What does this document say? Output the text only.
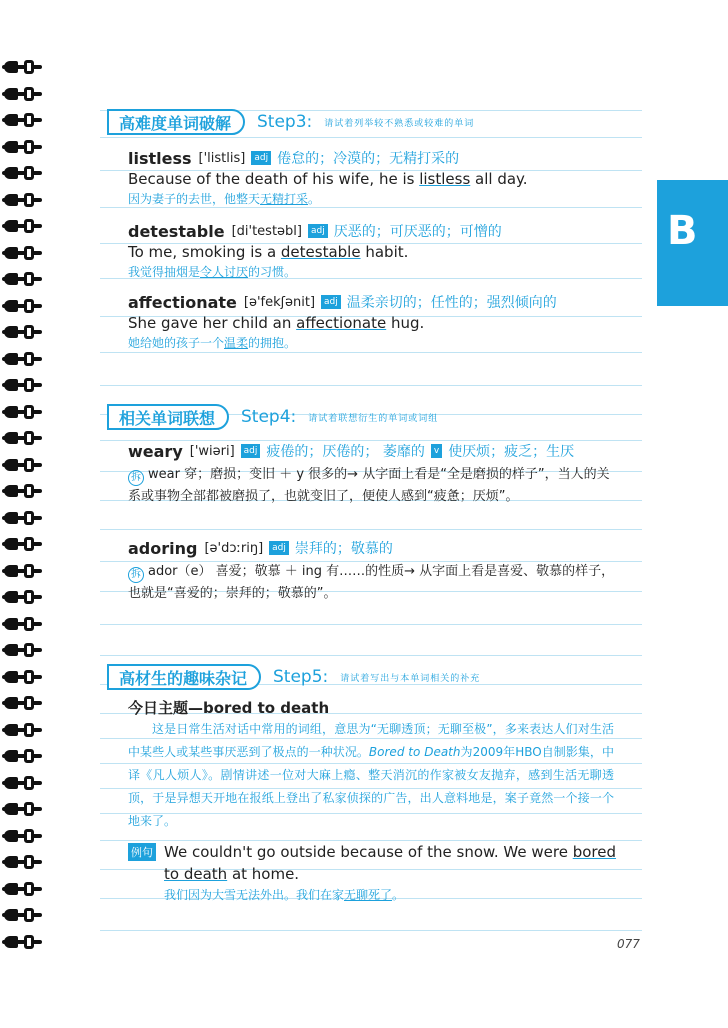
B
高难度单词破解	Step3: 请试着列举较不熟悉或较难的单词
listless ['listlis]	adj 倦怠的；冷漠的；无精打采的
Because of the death of his wife, he is listless all day.
因为妻子的去世，他整天无精打采。
detestable [di'testəbl]	adj 厌恶的；可厌恶的；可憎的
To me, smoking is a detestable habit.
我觉得抽烟是令人讨厌的习惯。
affectionate [ə'fekʃənit]	adj 温柔亲切的；任性的；强烈倾向的
She gave her child an affectionate hug.
她给她的孩子一个温柔的拥抱。
相关单词联想	Step4: 请试着联想衍生的单词或词组
weary ['wiəri]	adj 疲倦的；厌倦的； 萎靡的	v 使厌烦；疲乏；生厌
拆 wear 穿；磨损；变旧 ＋ y 很多的→ 从字面上看是“全是磨损的样子”，当人的关系或事物全部都被磨损了，也就变旧了，便使人感到“疲惫；厌烦”。
adoring [ə'dɔːriŋ]	adj 崇拜的；敬慕的
拆 ador（e） 喜爱；敬慕 ＋ ing 有……的性质→ 从字面上看是喜爱、敬慕的样子，也就是“喜爱的；崇拜的；敬慕的”。
高材生的趣味杂记	Step5: 请试着写出与本单词相关的补充
今日主题—bored to death
这是日常生活对话中常用的词组，意思为“无聊透顶；无聊至极”，多来表达人们对生活中某些人或某些事厌恶到了极点的一种状况。Bored to Death为2009年HBO自制影集，中译《凡人烦人》。剧情讲述一位对大麻上瘾、整天消沉的作家被女友抛弃，感到生活无聊透顶，于是异想天开地在报纸上登出了私家侦探的广告，出人意料地是，案子竟然一个接一个地来了。
例句 We couldn't go outside because of the snow. We were bored to death at home.
我们因为大雪无法外出。我们在家无聊死了。
077
